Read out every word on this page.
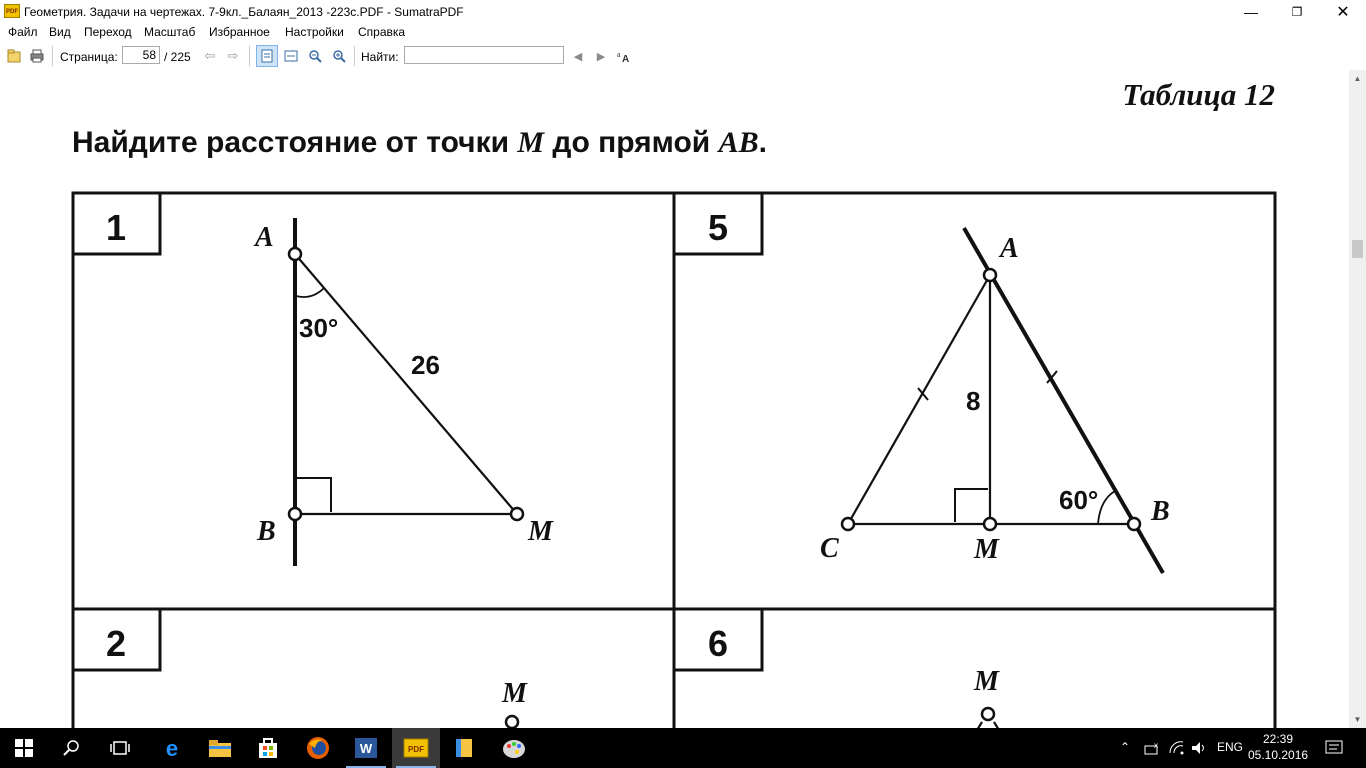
PDF Геометрия. Задачи на чертежах. 7-9кл._Балаян_2013 -223с.PDF - SumatraPDF	—	❐ ✕
Файл Вид Переход Масштаб Избранное Настройки Справка
Страница:	58 / 225 ⇦ ⇨	Найти:	◀	▶	a A
Таблица 12
Найдите расстояние от точки M до прямой AB.
1	5
2	6
A
B	M
30°
26
A
B
C	M
8
60°
M	M
▲
▼
e	W	PDF	⌃	x	ENG
22:39
05.10.2016
